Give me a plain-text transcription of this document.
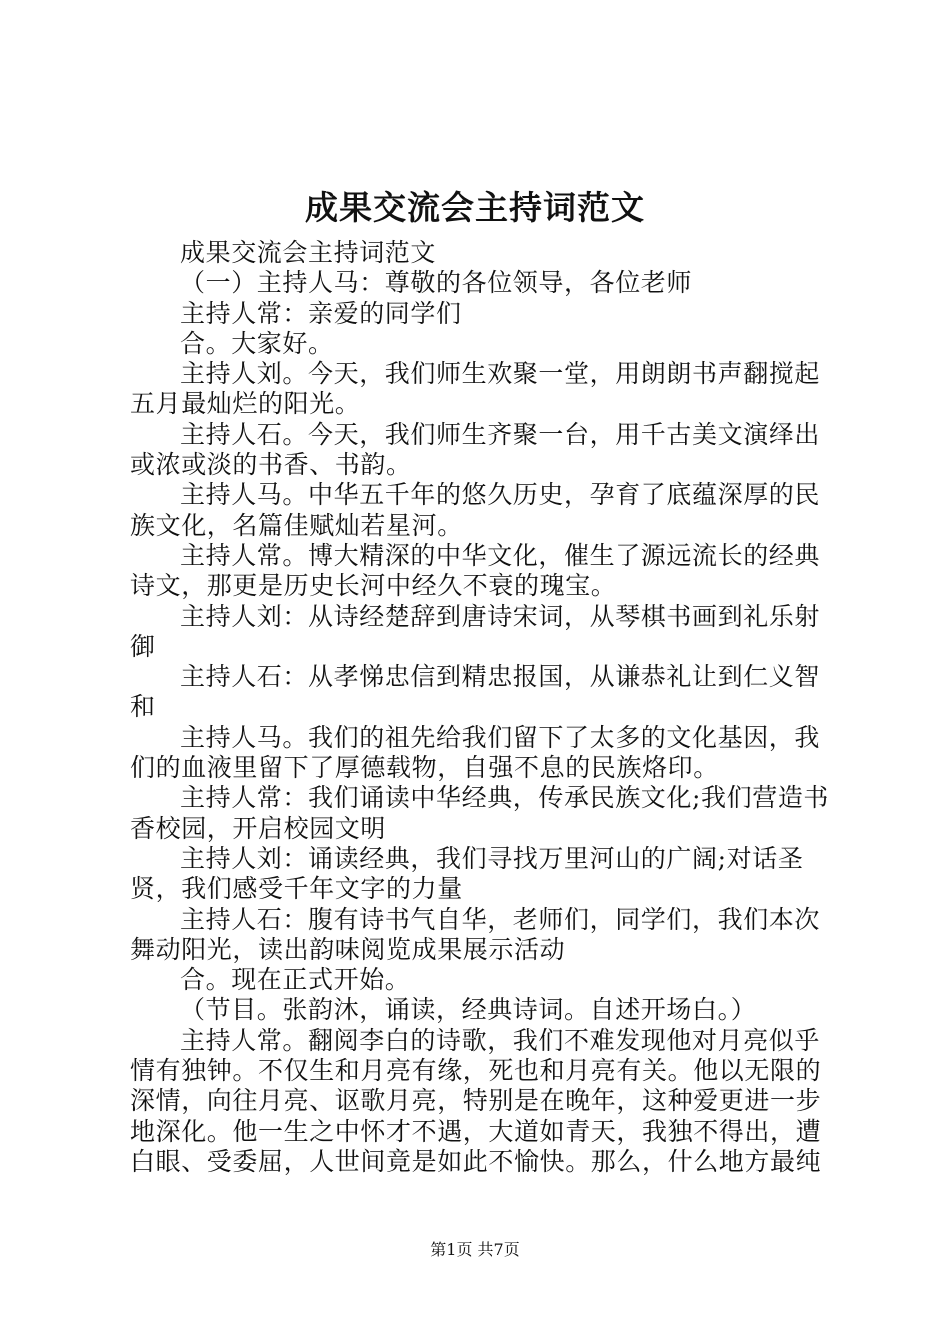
成果交流会主持词范文

成果交流会主持词范文

（一）主持人马：尊敬的各位领导，各位老师

主持人常：亲爱的同学们

合。大家好。

主持人刘。今天，我们师生欢聚一堂，用朗朗书声翻搅起五月最灿烂的阳光。

主持人石。今天，我们师生齐聚一台，用千古美文演绎出或浓或淡的书香、书韵。

主持人马。中华五千年的悠久历史，孕育了底蕴深厚的民族文化，名篇佳赋灿若星河。

主持人常。博大精深的中华文化，催生了源远流长的经典诗文，那更是历史长河中经久不衰的瑰宝。

主持人刘：从诗经楚辞到唐诗宋词，从琴棋书画到礼乐射御

主持人石：从孝悌忠信到精忠报国，从谦恭礼让到仁义智和

主持人马。我们的祖先给我们留下了太多的文化基因，我们的血液里留下了厚德载物，自强不息的民族烙印。

主持人常：我们诵读中华经典，传承民族文化;我们营造书香校园，开启校园文明

主持人刘：诵读经典，我们寻找万里河山的广阔;对话圣贤，我们感受千年文字的力量

主持人石：腹有诗书气自华，老师们，同学们，我们本次舞动阳光，读出韵味阅览成果展示活动

合。现在正式开始。

（节目。张韵沐，诵读，经典诗词。自述开场白。）

主持人常。翻阅李白的诗歌，我们不难发现他对月亮似乎情有独钟。不仅生和月亮有缘，死也和月亮有关。他以无限的深情，向往月亮、讴歌月亮，特别是在晚年，这种爱更进一步地深化。他一生之中怀才不遇，大道如青天，我独不得出，遭白眼、受委屈，人世间竟是如此不愉快。那么，什么地方最纯

第1页 共7页
